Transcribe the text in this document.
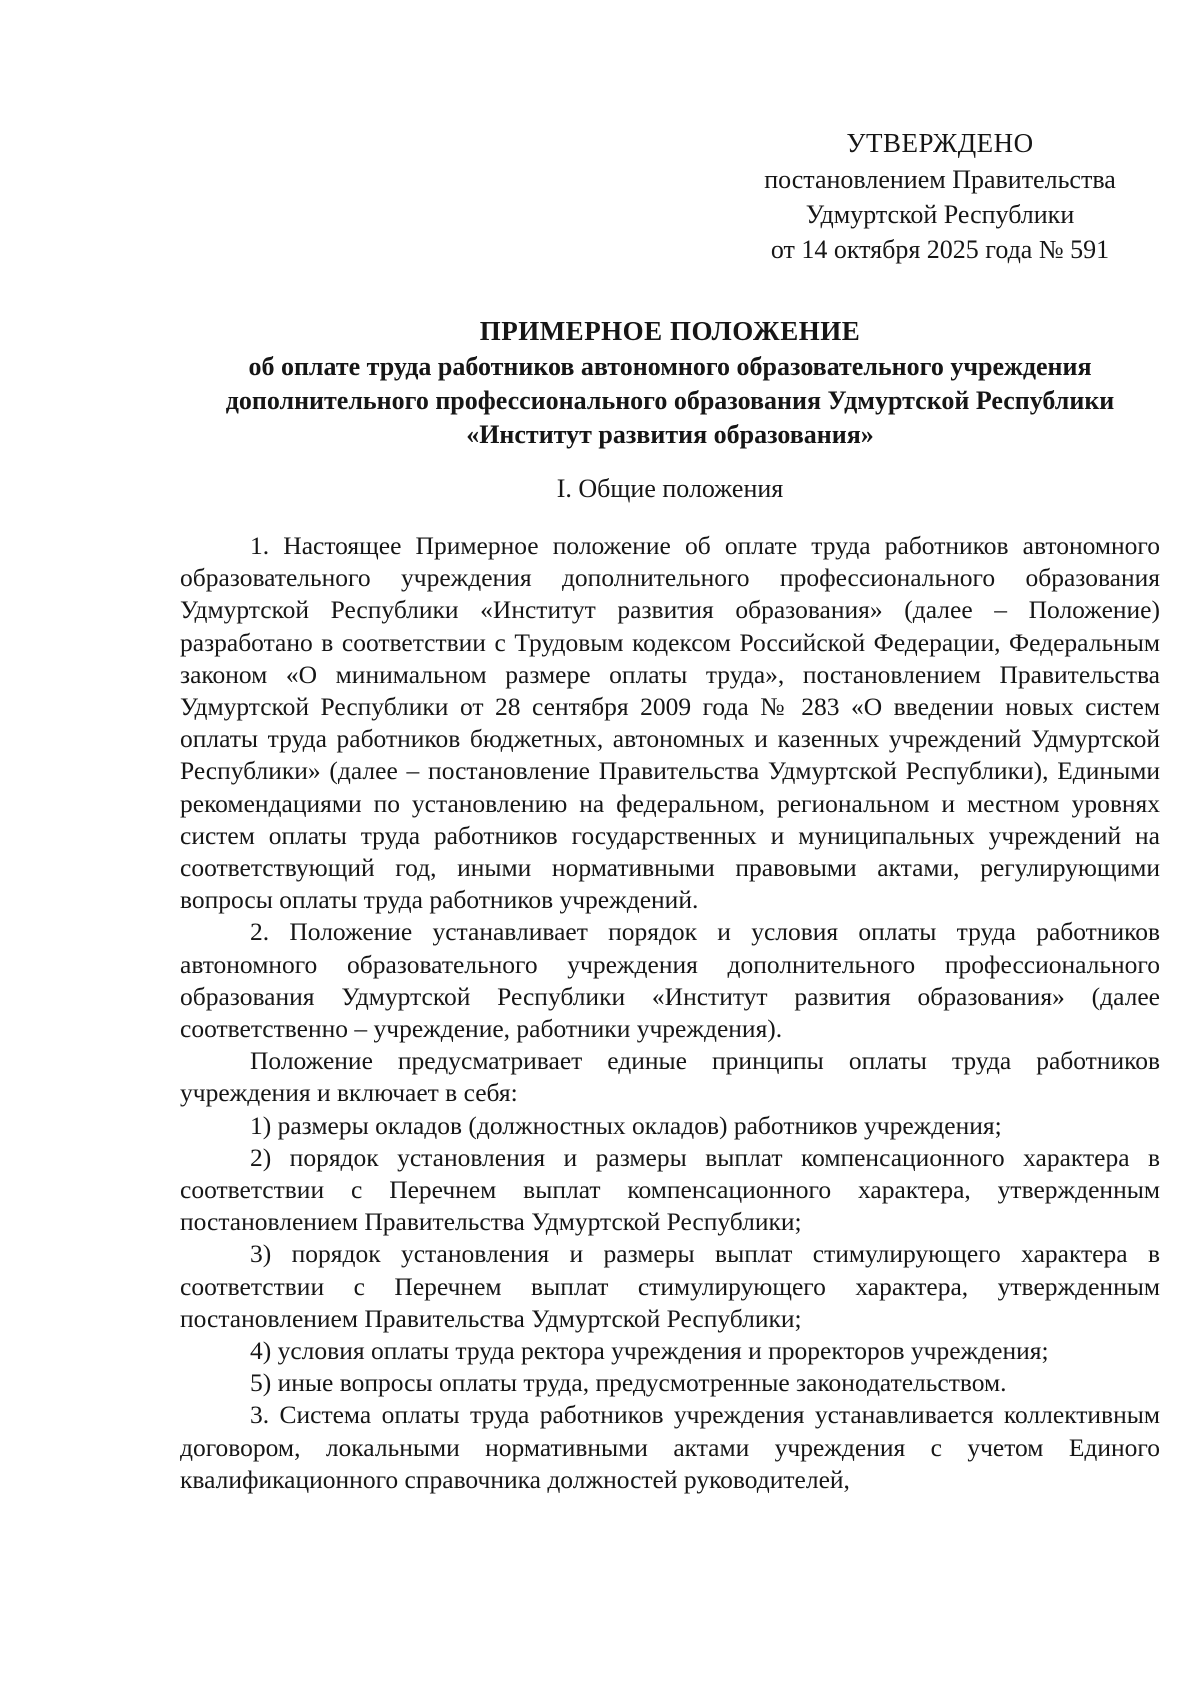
УТВЕРЖДЕНО
постановлением Правительства
Удмуртской Республики
от 14 октября 2025 года № 591
ПРИМЕРНОЕ ПОЛОЖЕНИЕ
об оплате труда работников автономного образовательного учреждения дополнительного профессионального образования Удмуртской Республики «Институт развития образования»
I. Общие положения

1. Настоящее Примерное положение об оплате труда работников автономного образовательного учреждения дополнительного профессионального образования Удмуртской Республики «Институт развития образования» (далее – Положение) разработано в соответствии с Трудовым кодексом Российской Федерации, Федеральным законом «О минимальном размере оплаты труда», постановлением Правительства Удмуртской Республики от 28 сентября 2009 года № 283 «О введении новых систем оплаты труда работников бюджетных, автономных и казенных учреждений Удмуртской Республики» (далее – постановление Правительства Удмуртской Республики), Едиными рекомендациями по установлению на федеральном, региональном и местном уровнях систем оплаты труда работников государственных и муниципальных учреждений на соответствующий год, иными нормативными правовыми актами, регулирующими вопросы оплаты труда работников учреждений.

2. Положение устанавливает порядок и условия оплаты труда работников автономного образовательного учреждения дополнительного профессионального образования Удмуртской Республики «Институт развития образования» (далее соответственно – учреждение, работники учреждения).

Положение предусматривает единые принципы оплаты труда работников учреждения и включает в себя:

1) размеры окладов (должностных окладов) работников учреждения;

2) порядок установления и размеры выплат компенсационного характера в соответствии с Перечнем выплат компенсационного характера, утвержденным постановлением Правительства Удмуртской Республики;

3) порядок установления и размеры выплат стимулирующего характера в соответствии с Перечнем выплат стимулирующего характера, утвержденным постановлением Правительства Удмуртской Республики;

4) условия оплаты труда ректора учреждения и проректоров учреждения;

5) иные вопросы оплаты труда, предусмотренные законодательством.

3. Система оплаты труда работников учреждения устанавливается коллективным договором, локальными нормативными актами учреждения с учетом Единого квалификационного справочника должностей руководителей,
